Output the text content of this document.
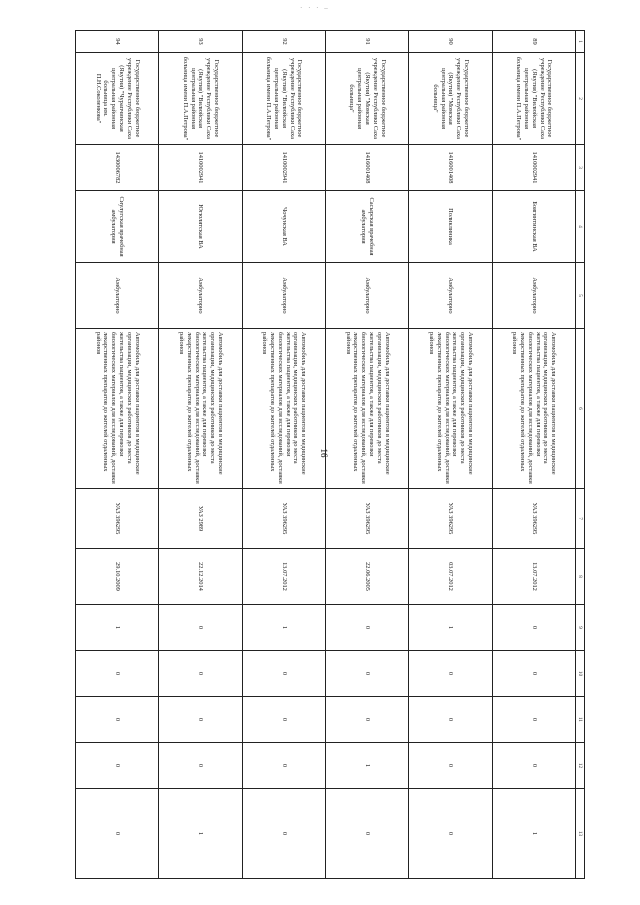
· · · –
16
1	2	3	4	5	6	7	8	9	10	11	12	13
89	Государственное бюджетное учреждение Республики Саха (Якутия) "Вилюйская центральная районная больница имени П.А.Петрова"	1410002941	Боягинтинская ВА	Амбулаторно	Автомобиль для доставки пациентов в медицинские организации, медицинских работников до места жительства пациентов, а также для перевозки биологических материалов для исследований, доставки лекарственных препаратов до жителей отдаленных районов	УАЗ 396295	13.07.2012	0	0	0	0	1
90	Государственное бюджетное учреждение Республики Саха (Якутия) "Момская центральная районная больница"	1416001408	Поликлиника	Амбулаторно	Автомобиль для доставки пациентов в медицинские организации, медицинских работников до места жительства пациентов, а также для перевозки биологических материалов для исследований, доставки лекарственных препаратов до жителей отдаленных районов	УАЗ 396295	03.07.2012	1	0	0	0	0
91	Государственное бюджетное учреждение Республики Саха (Якутия) "Момская центральная районная больница"	1416001408	Сасырская врачебная амбулатория	Амбулаторно	Автомобиль для доставки пациентов в медицинские организации, медицинских работников до места жительства пациентов, а также для перевозки биологических материалов для исследований, доставки лекарственных препаратов до жителей отдаленных районов	УАЗ 396295	22.06.2005	0	0	0	1	0
92	Государственное бюджетное учреждение Республики Саха (Якутия) "Вилюйская центральная районная больница имени П.А.Петрова"	1410002941	Чочунская ВА	Амбулаторно	Автомобиль для доставки пациентов в медицинские организации, медицинских работников до места жительства пациентов, а также для перевозки биологических материалов для исследований, доставки лекарственных препаратов до жителей отдаленных районов	УАЗ 396295	13.07.2012	1	0	0	0	0
93	Государственное бюджетное учреждение Республики Саха (Якутия) "Вилюйская центральная районная больница имени П.А.Петрова"	1410002941	Югюлятская ВА	Амбулаторно	Автомобиль для доставки пациентов в медицинские организации, медицинских работников до места жительства пациентов, а также для перевозки биологических материалов для исследований, доставки лекарственных препаратов до жителей отдаленных районов	УАЗ 2989	22.12.2014	0	0	0	0	1
94	Государственное бюджетное учреждение Республики Саха (Якутия) "Чурапчинская центральная районная больница им. П.Н.Соколенкова"	1430006782	Сиулугская врачебная амбулатория	Амбулаторно	Автомобиль для доставки пациентов в медицинские организации, медицинских работников до места жительства пациентов, а также для перевозки биологических материалов для исследований, доставки лекарственных препаратов до жителей отдаленных районов	УАЗ 396295	29.10.2009	1	0	0	0	0
